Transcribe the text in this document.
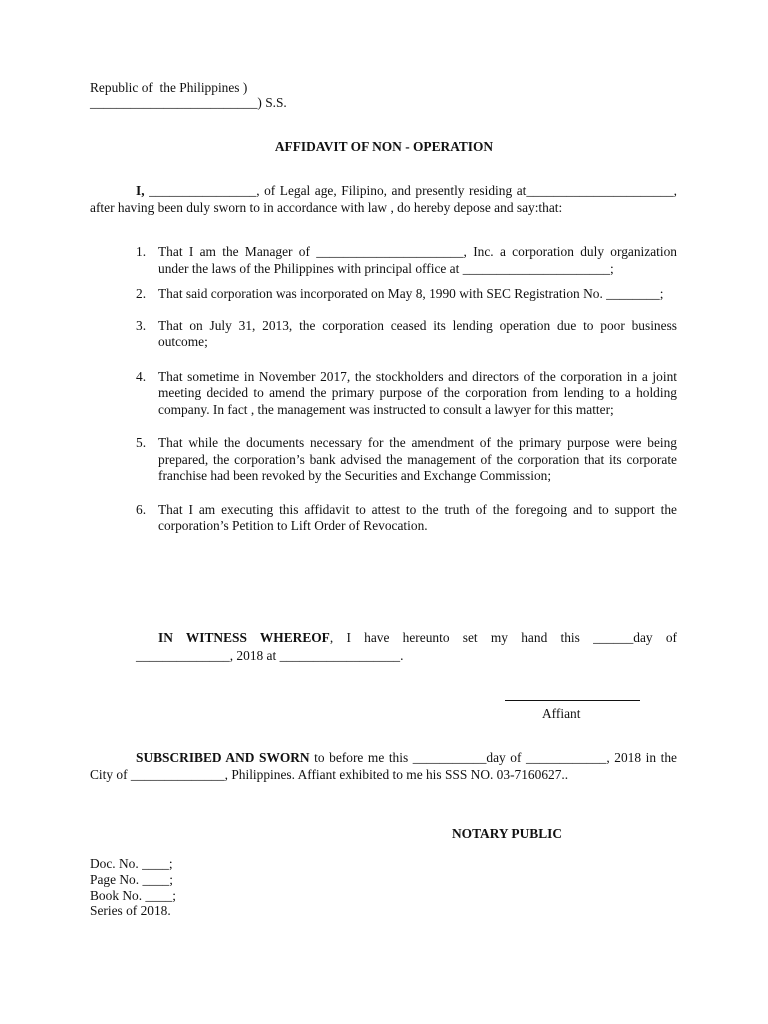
Republic of  the Philippines )
_________________________) S.S.
AFFIDAVIT OF NON - OPERATION
I, ________________, of Legal age, Filipino, and presently residing at______________________, after having been duly sworn to in accordance with law , do hereby depose and say:that:
1. That I am the Manager of ______________________, Inc. a corporation duly organization under the laws of the Philippines with principal office at ______________________;
2. That said corporation was incorporated on May 8, 1990 with SEC Registration No. ________;
3. That on July 31, 2013, the corporation ceased its lending operation due to poor business outcome;
4. That sometime in November 2017, the stockholders and directors of the corporation in a joint meeting decided to amend the primary purpose of the corporation from lending to a holding company. In fact , the management was instructed to consult a lawyer for this matter;
5. That while the documents necessary for the amendment of the primary purpose were being prepared, the corporation’s bank advised the management of the corporation that its corporate franchise had been revoked by the Securities and Exchange Commission;
6. That I am executing this affidavit to attest to the truth of the foregoing and to support the corporation’s Petition to Lift Order of Revocation.
IN WITNESS WHEREOF, I have hereunto set my hand this ______day of
______________, 2018 at __________________.
Affiant
SUBSCRIBED AND SWORN to before me this ___________day of ____________, 2018 in the City of ______________, Philippines. Affiant exhibited to me his SSS NO. 03-7160627..
NOTARY PUBLIC
Doc. No. ____;
Page No. ____;
Book No. ____;
Series of 2018.
